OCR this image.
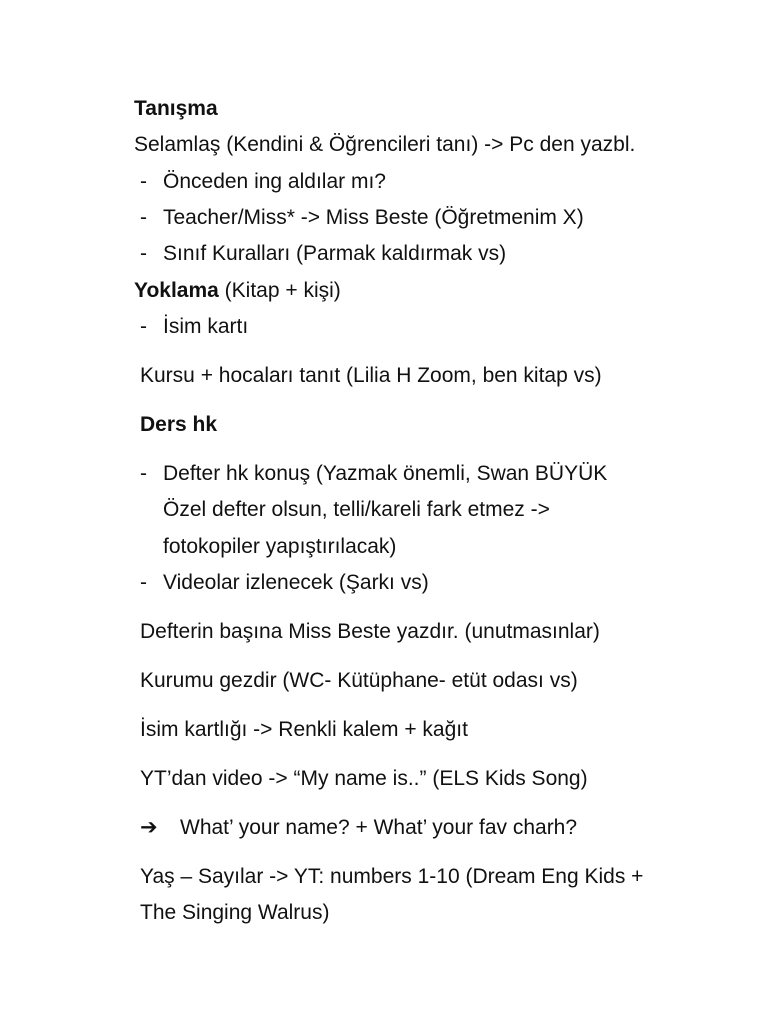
Tanışma
Selamlaş (Kendini & Öğrencileri tanı) -> Pc den yazbl.
- Önceden ing aldılar mı?
- Teacher/Miss* -> Miss Beste (Öğretmenim X)
- Sınıf Kuralları (Parmak kaldırmak vs)
Yoklama (Kitap + kişi)
- İsim kartı
Kursu + hocaları tanıt (Lilia H Zoom, ben kitap vs)
Ders hk
- Defter hk konuş (Yazmak önemli, Swan BÜYÜK
Özel defter olsun, telli/kareli fark etmez ->
fotokopiler yapıştırılacak)
- Videolar izlenecek (Şarkı vs)
Defterin başına Miss Beste yazdır. (unutmasınlar)
Kurumu gezdir (WC- Kütüphane- etüt odası vs)
İsim kartlığı -> Renkli kalem + kağıt
YT’dan video -> “My name is..” (ELS Kids Song)
➔ What’ your name? + What’ your fav charh?
Yaş – Sayılar -> YT: numbers 1-10 (Dream Eng Kids +
The Singing Walrus)
